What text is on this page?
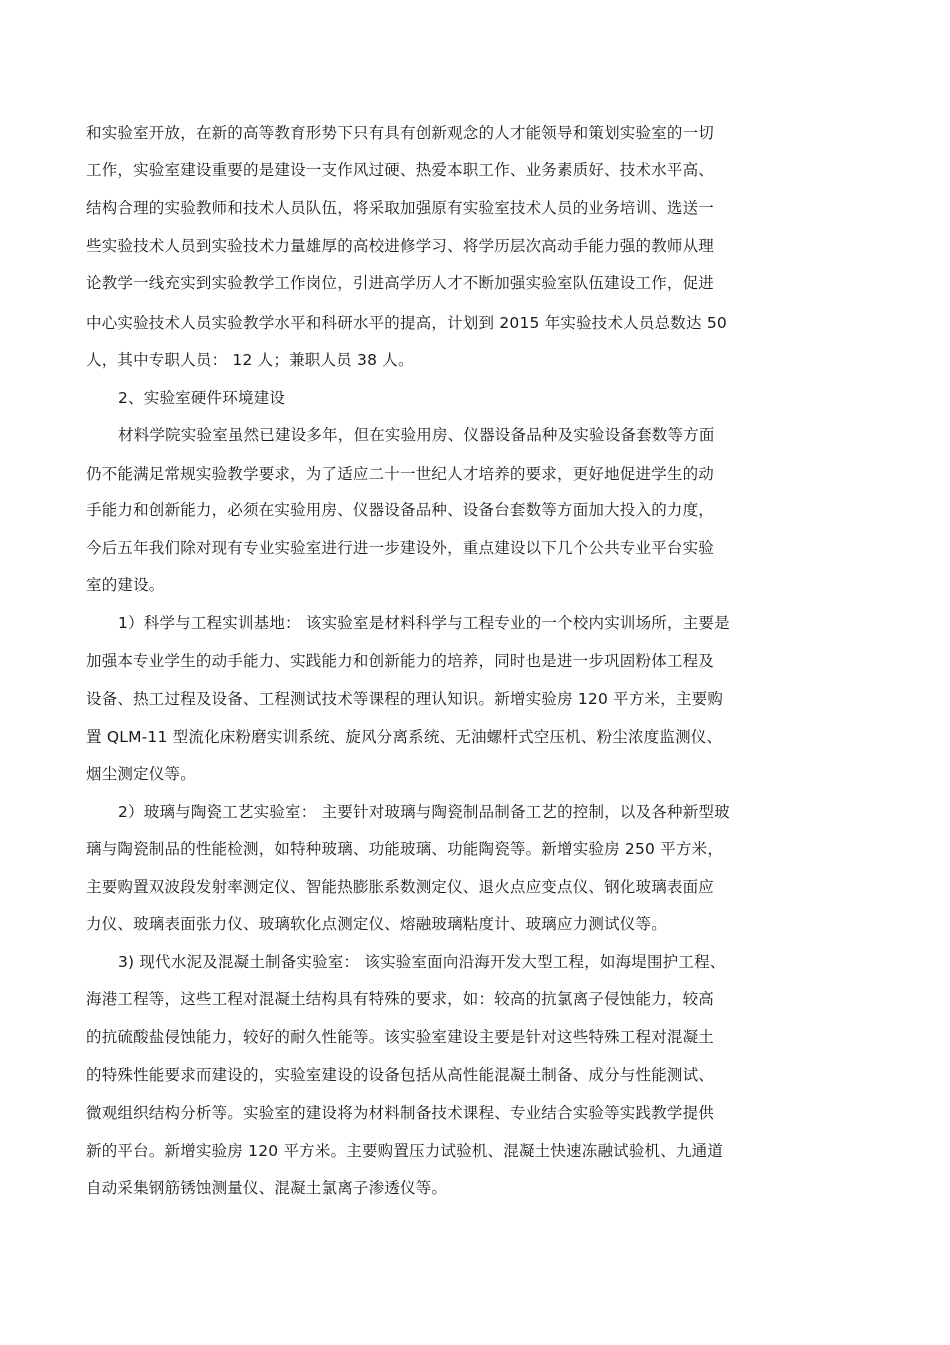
和实验室开放，在新的高等教育形势下只有具有创新观念的人才能领导和策划实验室的一切
工作，实验室建设重要的是建设一支作风过硬、热爱本职工作、业务素质好、技术水平高、
结构合理的实验教师和技术人员队伍，将采取加强原有实验室技术人员的业务培训、选送一
些实验技术人员到实验技术力量雄厚的高校进修学习、将学历层次高动手能力强的教师从理
论教学一线充实到实验教学工作岗位，引进高学历人才不断加强实验室队伍建设工作，促进
中心实验技术人员实验教学水平和科研水平的提高，计划到 2015 年实验技术人员总数达 50
人，其中专职人员： 12 人；兼职人员 38 人。
2、实验室硬件环境建设
材料学院实验室虽然已建设多年，但在实验用房、仪器设备品种及实验设备套数等方面
仍不能满足常规实验教学要求，为了适应二十一世纪人才培养的要求，更好地促进学生的动
手能力和创新能力，必须在实验用房、仪器设备品种、设备台套数等方面加大投入的力度，
今后五年我们除对现有专业实验室进行进一步建设外，重点建设以下几个公共专业平台实验
室的建设。
1）科学与工程实训基地： 该实验室是材料科学与工程专业的一个校内实训场所，主要是
加强本专业学生的动手能力、实践能力和创新能力的培养，同时也是进一步巩固粉体工程及
设备、热工过程及设备、工程测试技术等课程的理认知识。新增实验房 120 平方米，主要购
置 QLM-11 型流化床粉磨实训系统、旋风分离系统、无油螺杆式空压机、粉尘浓度监测仪、
烟尘测定仪等。
2）玻璃与陶瓷工艺实验室： 主要针对玻璃与陶瓷制品制备工艺的控制，以及各种新型玻
璃与陶瓷制品的性能检测，如特种玻璃、功能玻璃、功能陶瓷等。新增实验房 250 平方米，
主要购置双波段发射率测定仪、智能热膨胀系数测定仪、退火点应变点仪、钢化玻璃表面应
力仪、玻璃表面张力仪、玻璃软化点测定仪、熔融玻璃粘度计、玻璃应力测试仪等。
3) 现代水泥及混凝土制备实验室： 该实验室面向沿海开发大型工程，如海堤围护工程、
海港工程等，这些工程对混凝土结构具有特殊的要求，如：较高的抗氯离子侵蚀能力，较高
的抗硫酸盐侵蚀能力，较好的耐久性能等。该实验室建设主要是针对这些特殊工程对混凝土
的特殊性能要求而建设的，实验室建设的设备包括从高性能混凝土制备、成分与性能测试、
微观组织结构分析等。实验室的建设将为材料制备技术课程、专业结合实验等实践教学提供
新的平台。新增实验房 120 平方米。主要购置压力试验机、混凝土快速冻融试验机、九通道
自动采集钢筋锈蚀测量仪、混凝土氯离子渗透仪等。
